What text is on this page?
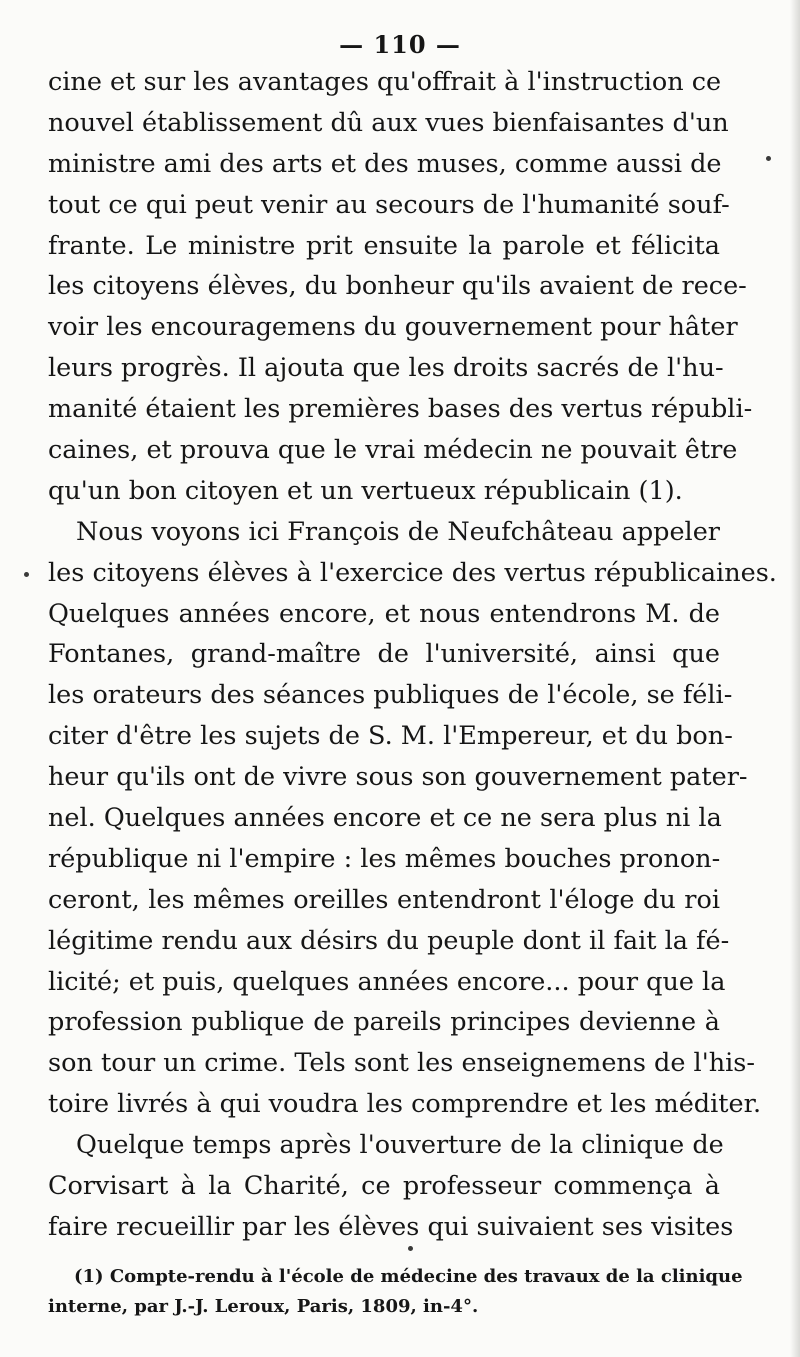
— 110 —
cine et sur les avantages qu'offrait à l'instruction ce
nouvel établissement dû aux vues bienfaisantes d'un
ministre ami des arts et des muses, comme aussi de
tout ce qui peut venir au secours de l'humanité souf-
frante. Le ministre prit ensuite la parole et félicita
les citoyens élèves, du bonheur qu'ils avaient de rece-
voir les encouragemens du gouvernement pour hâter
leurs progrès. Il ajouta que les droits sacrés de l'hu-
manité étaient les premières bases des vertus républi-
caines, et prouva que le vrai médecin ne pouvait être
qu'un bon citoyen et un vertueux républicain (1).
Nous voyons ici François de Neufchâteau appeler
les citoyens élèves à l'exercice des vertus républicaines.
Quelques années encore, et nous entendrons M. de
Fontanes, grand-maître de l'université, ainsi que
les orateurs des séances publiques de l'école, se féli-
citer d'être les sujets de S. M. l'Empereur, et du bon-
heur qu'ils ont de vivre sous son gouvernement pater-
nel. Quelques années encore et ce ne sera plus ni la
république ni l'empire : les mêmes bouches pronon-
ceront, les mêmes oreilles entendront l'éloge du roi
légitime rendu aux désirs du peuple dont il fait la fé-
licité; et puis, quelques années encore... pour que la
profession publique de pareils principes devienne à
son tour un crime. Tels sont les enseignemens de l'his-
toire livrés à qui voudra les comprendre et les méditer.
Quelque temps après l'ouverture de la clinique de
Corvisart à la Charité, ce professeur commença à
faire recueillir par les élèves qui suivaient ses visites
(1) Compte-rendu à l'école de médecine des travaux de la clinique
interne, par J.-J. Leroux, Paris, 1809, in-4°.
